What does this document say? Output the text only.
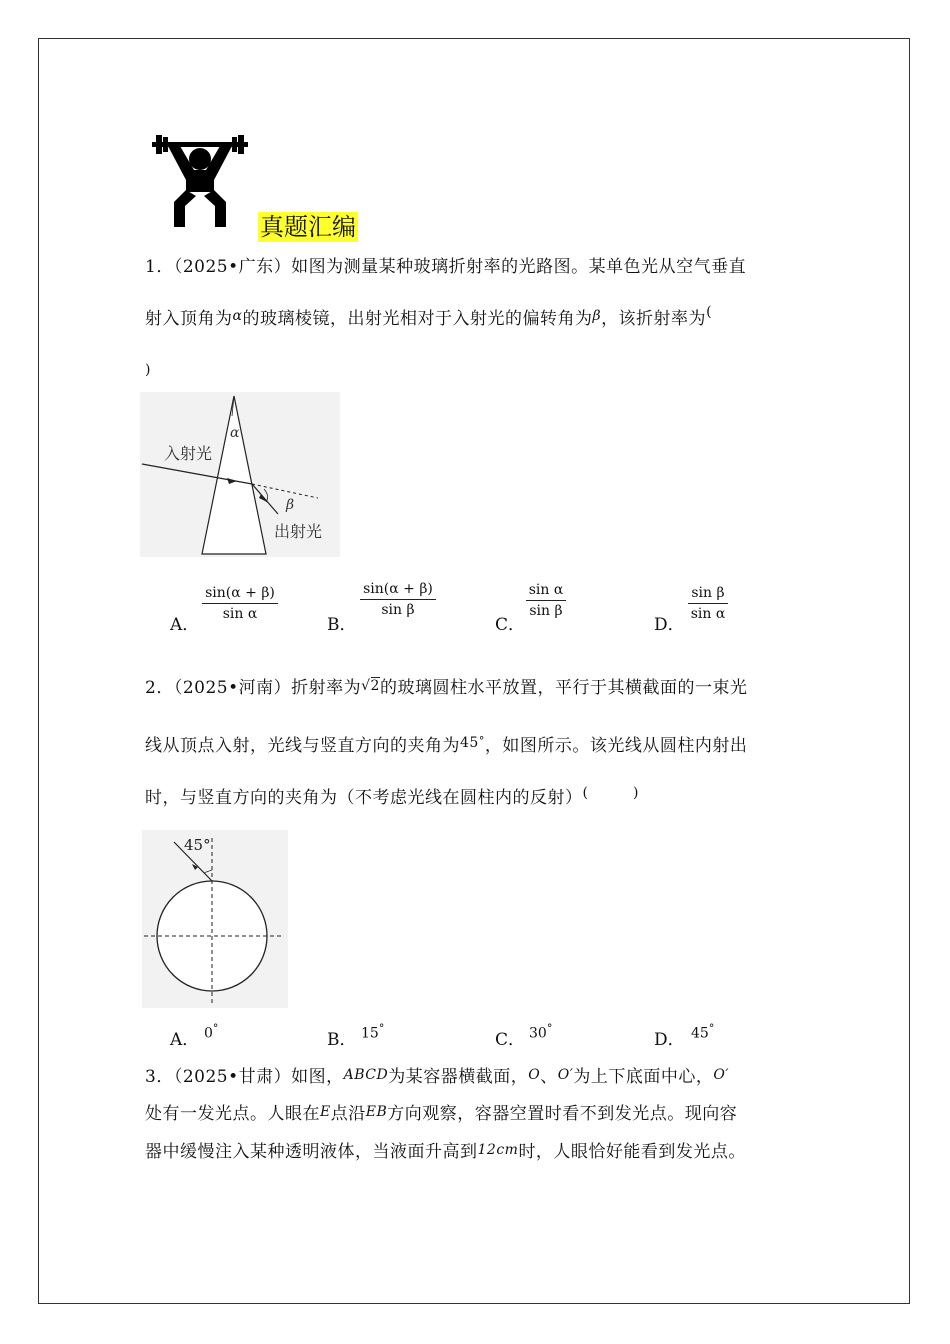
真题汇编
1．（2025•广东）如图为测量某种玻璃折射率的光路图。某单色光从空气垂直
射入顶角为$^\alpha$的玻璃棱镜，出射光相对于入射光的偏转角为$^\beta$，该折射率为(
)
入射光
出射光
α
β
A．
$\frac{\sin(\alpha + \beta)}{\text{sin α}}$
B．
$\frac{\sin(\alpha + \beta)}{\text{sin β}}$
C．
$\frac{\text{sin α}}{\text{sin β}}$
D．
$\frac{\text{sin β}}{\text{sin α}}$
2．（2025•河南）折射率为√2的玻璃圆柱水平放置，平行于其横截面的一束光
线从顶点入射，光线与竖直方向的夹角为$^{45^\circ}$，如图所示。该光线从圆柱内射出
时，与竖直方向的夹角为（不考虑光线在圆柱内的反射）(         )
45°
A． 0°
B． 15°
C． 30°
D． 45°
3．（2025•甘肃）如图，ABCD为某容器横截面，O、O′为上下底面中心，O′
处有一发光点。人眼在E点沿EB方向观察，容器空置时看不到发光点。现向容
器中缓慢注入某种透明液体，当液面升高到12cm时，人眼恰好能看到发光点。
